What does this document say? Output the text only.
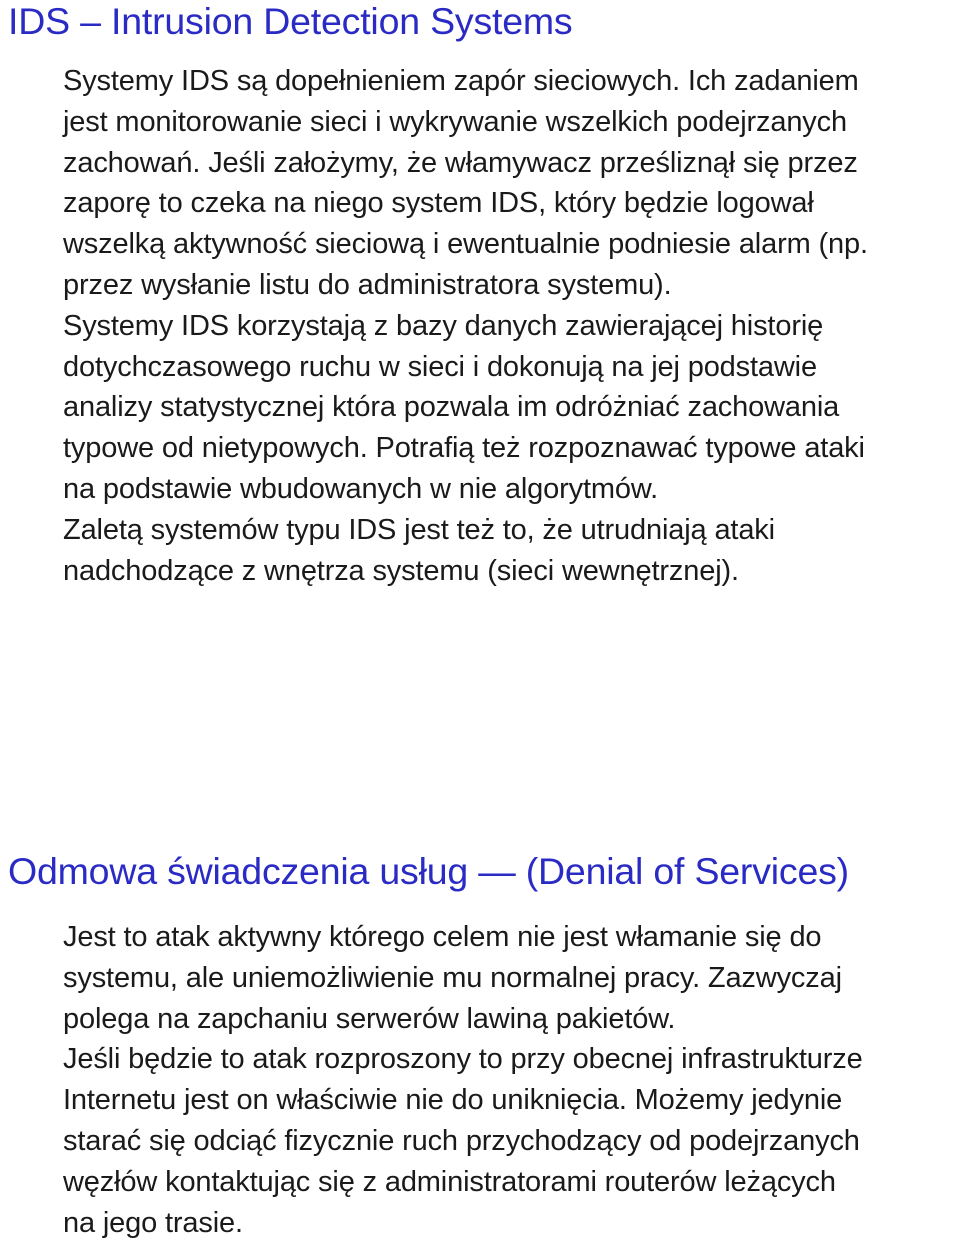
IDS – Intrusion Detection Systems
Systemy IDS są dopełnieniem zapór sieciowych. Ich zadaniem
jest monitorowanie sieci i wykrywanie wszelkich podejrzanych
zachowań. Jeśli założymy, że włamywacz prześliznął się przez
zaporę to czeka na niego system IDS, który będzie logował
wszelką aktywność sieciową i ewentualnie podniesie alarm (np.
przez wysłanie listu do administratora systemu).
Systemy IDS korzystają z bazy danych zawierającej historię
dotychczasowego ruchu w sieci i dokonują na jej podstawie
analizy statystycznej która pozwala im odróżniać zachowania
typowe od nietypowych. Potrafią też rozpoznawać typowe ataki
na podstawie wbudowanych w nie algorytmów.
Zaletą systemów typu IDS jest też to, że utrudniają ataki
nadchodzące z wnętrza systemu (sieci wewnętrznej).
Odmowa świadczenia usług — (Denial of Services)
Jest to atak aktywny którego celem nie jest włamanie się do
systemu, ale uniemożliwienie mu normalnej pracy. Zazwyczaj
polega na zapchaniu serwerów lawiną pakietów.
Jeśli będzie to atak rozproszony to przy obecnej infrastrukturze
Internetu jest on właściwie nie do uniknięcia. Możemy jedynie
starać się odciąć fizycznie ruch przychodzący od podejrzanych
węzłów kontaktując się z administratorami routerów leżących
na jego trasie.
